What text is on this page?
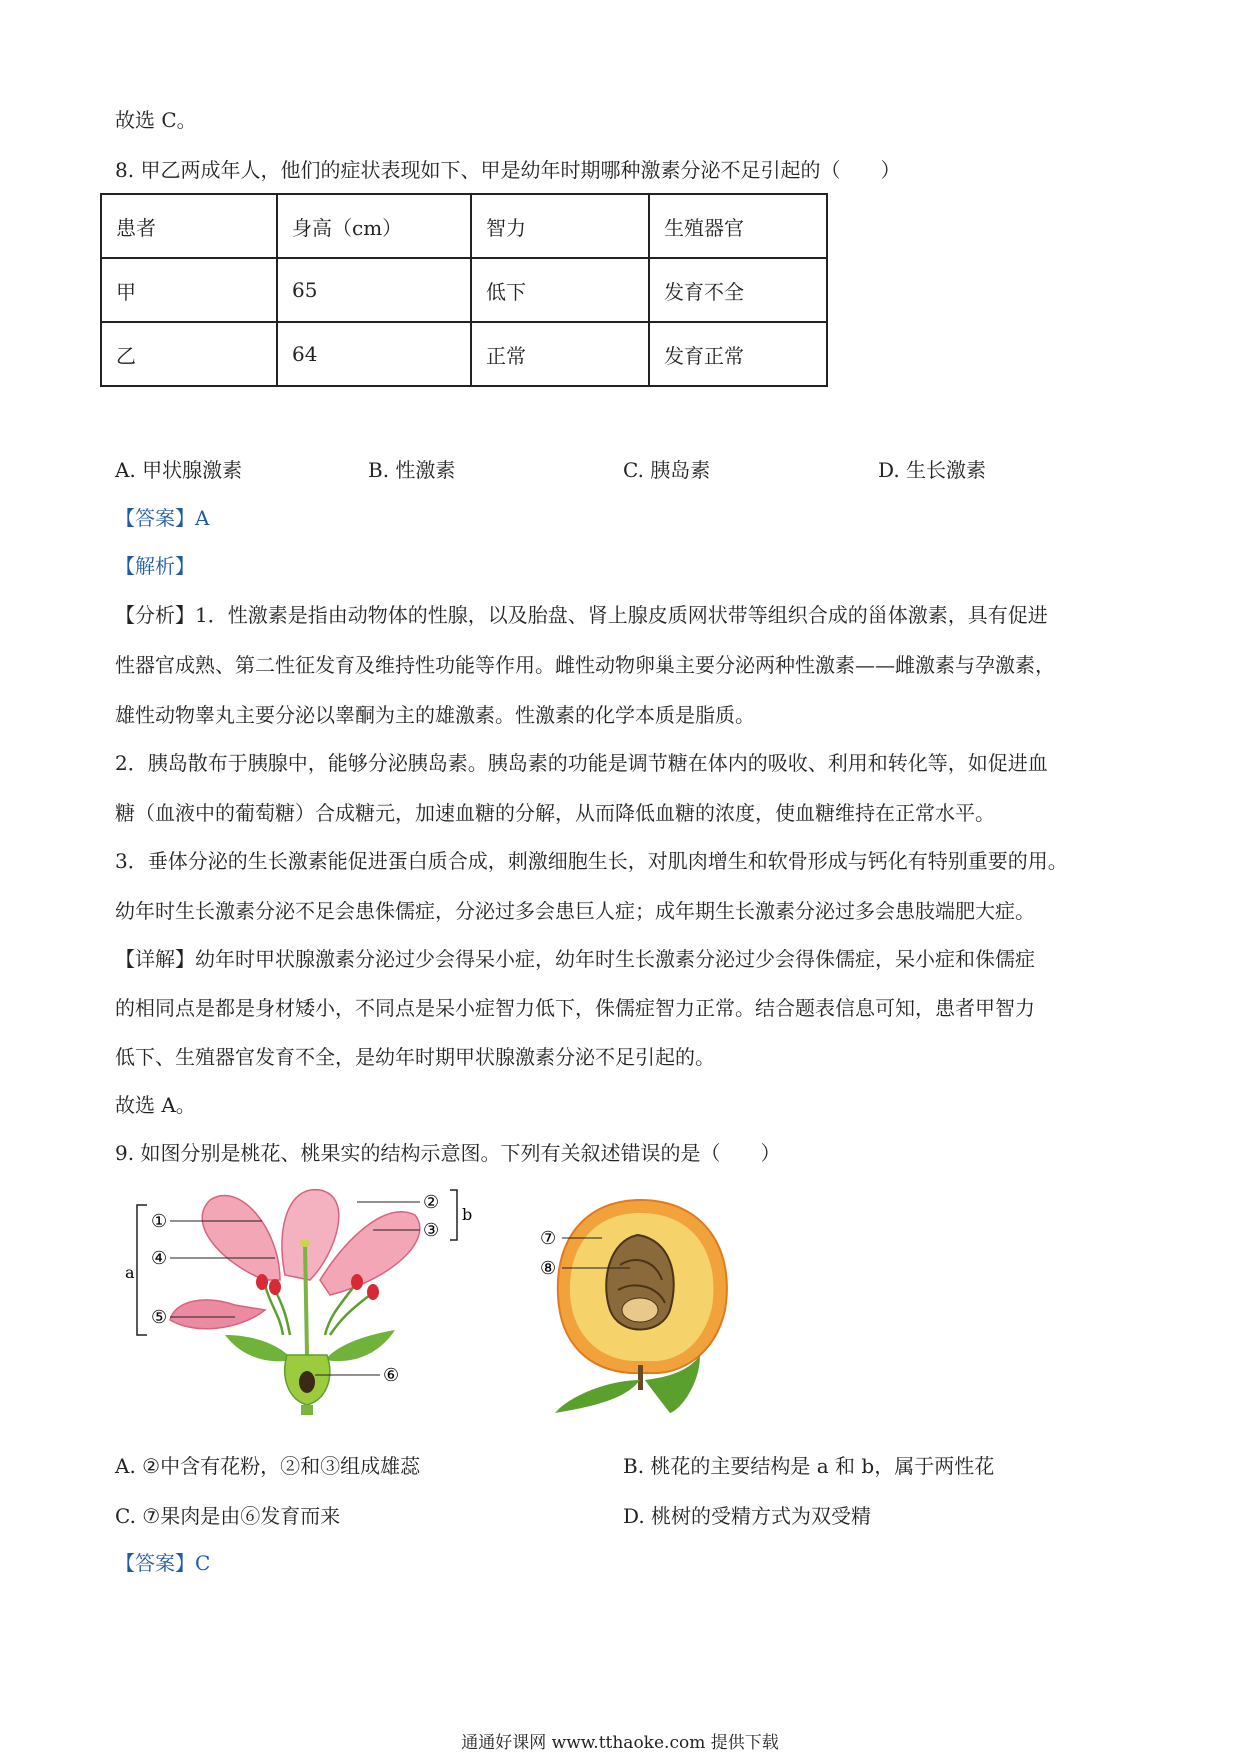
故选 C。
8. 甲乙两成年人，他们的症状表现如下、甲是幼年时期哪种激素分泌不足引起的（　　）
患者	身高（cm）	智力	生殖器官
甲	65	低下	发育不全
乙	64	正常	发育正常
A. 甲状腺激素	B. 性激素	C. 胰岛素	D. 生长激素
【答案】A
【解析】
【分析】1．性激素是指由动物体的性腺，以及胎盘、肾上腺皮质网状带等组织合成的甾体激素，具有促进
性器官成熟、第二性征发育及维持性功能等作用。雌性动物卵巢主要分泌两种性激素——雌激素与孕激素，
雄性动物睾丸主要分泌以睾酮为主的雄激素。性激素的化学本质是脂质。
2．胰岛散布于胰腺中，能够分泌胰岛素。胰岛素的功能是调节糖在体内的吸收、利用和转化等，如促进血
糖（血液中的葡萄糖）合成糖元，加速血糖的分解，从而降低血糖的浓度，使血糖维持在正常水平。
3．垂体分泌的生长激素能促进蛋白质合成，刺激细胞生长，对肌肉增生和软骨形成与钙化有特别重要的用。
幼年时生长激素分泌不足会患侏儒症，分泌过多会患巨人症；成年期生长激素分泌过多会患肢端肥大症。
【详解】幼年时甲状腺激素分泌过少会得呆小症，幼年时生长激素分泌过少会得侏儒症，呆小症和侏儒症
的相同点是都是身材矮小，不同点是呆小症智力低下，侏儒症智力正常。结合题表信息可知，患者甲智力
低下、生殖器官发育不全，是幼年时期甲状腺激素分泌不足引起的。
故选 A。
9. 如图分别是桃花、桃果实的结构示意图。下列有关叙述错误的是（　　）
a
b
①
④
⑤
②
③
⑥
⑦
⑧
A. ②中含有花粉，②和③组成雄蕊	B. 桃花的主要结构是 a 和 b，属于两性花
C. ⑦果肉是由⑥发育而来	D. 桃树的受精方式为双受精
【答案】C
通通好课网 www.tthaoke.com 提供下载
